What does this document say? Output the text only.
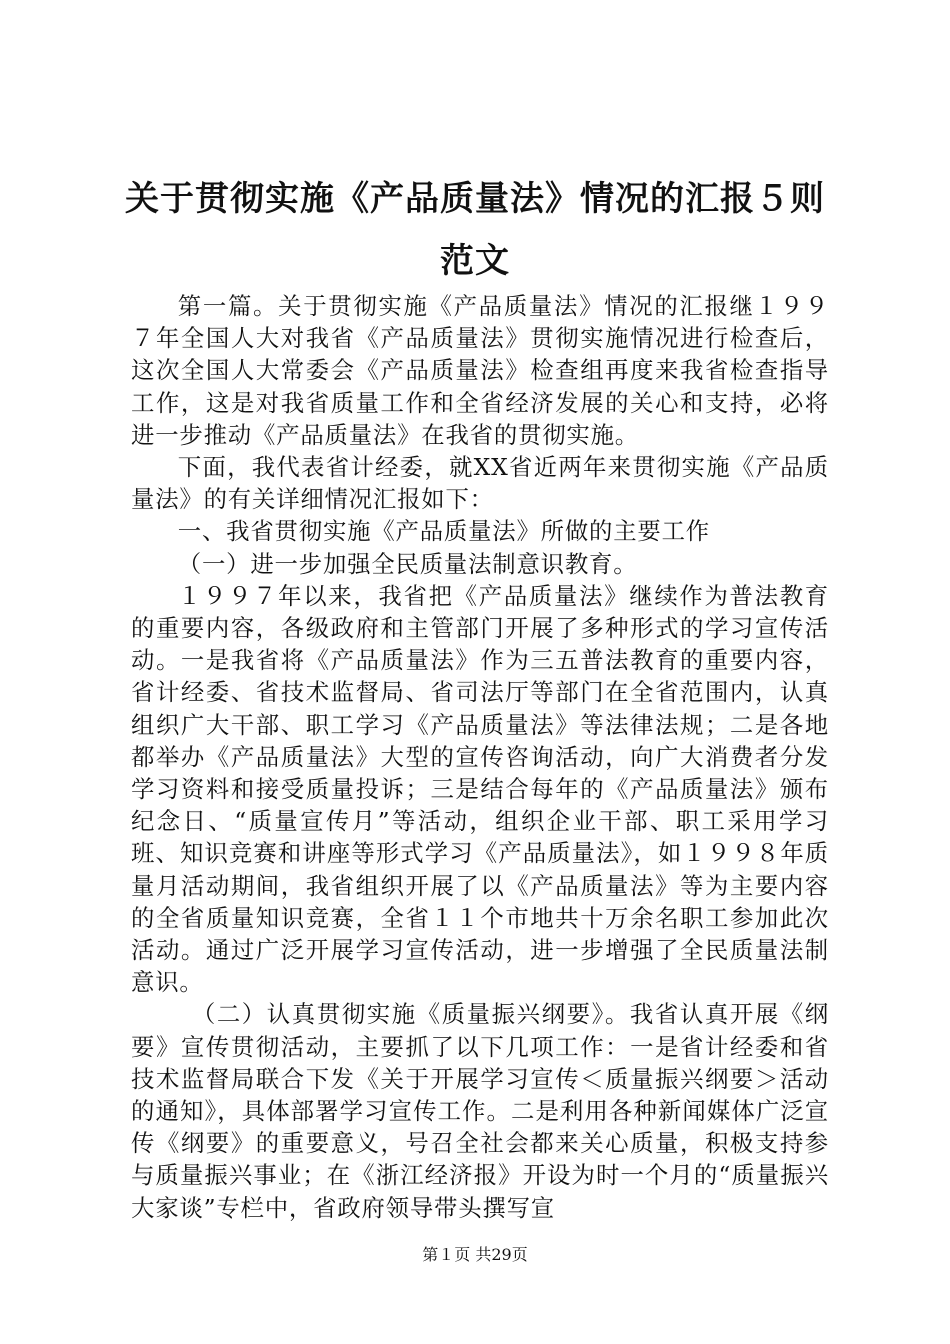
关于贯彻实施《产品质量法》情况的汇报５则范文

第一篇。关于贯彻实施《产品质量法》情况的汇报继１９９７年全国人大对我省《产品质量法》贯彻实施情况进行检查后，这次全国人大常委会《产品质量法》检查组再度来我省检查指导工作，这是对我省质量工作和全省经济发展的关心和支持，必将进一步推动《产品质量法》在我省的贯彻实施。

下面，我代表省计经委，就XX省近两年来贯彻实施《产品质量法》的有关详细情况汇报如下：

一、我省贯彻实施《产品质量法》所做的主要工作

（一）进一步加强全民质量法制意识教育。

１９９７年以来，我省把《产品质量法》继续作为普法教育的重要内容，各级政府和主管部门开展了多种形式的学习宣传活动。一是我省将《产品质量法》作为三五普法教育的重要内容，省计经委、省技术监督局、省司法厅等部门在全省范围内，认真组织广大干部、职工学习《产品质量法》等法律法规；二是各地都举办《产品质量法》大型的宣传咨询活动，向广大消费者分发学习资料和接受质量投诉；三是结合每年的《产品质量法》颁布纪念日、“质量宣传月”等活动，组织企业干部、职工采用学习班、知识竞赛和讲座等形式学习《产品质量法》，如１９９８年质量月活动期间，我省组织开展了以《产品质量法》等为主要内容的全省质量知识竞赛，全省１１个市地共十万余名职工参加此次活动。通过广泛开展学习宣传活动，进一步增强了全民质量法制意识。

（二）认真贯彻实施《质量振兴纲要》。我省认真开展《纲要》宣传贯彻活动，主要抓了以下几项工作：一是省计经委和省技术监督局联合下发《关于开展学习宣传＜质量振兴纲要＞活动的通知》，具体部署学习宣传工作。二是利用各种新闻媒体广泛宣传《纲要》的重要意义，号召全社会都来关心质量，积极支持参与质量振兴事业；在《浙江经济报》开设为时一个月的“质量振兴大家谈”专栏中，省政府领导带头撰写宣

第１页 共29页
